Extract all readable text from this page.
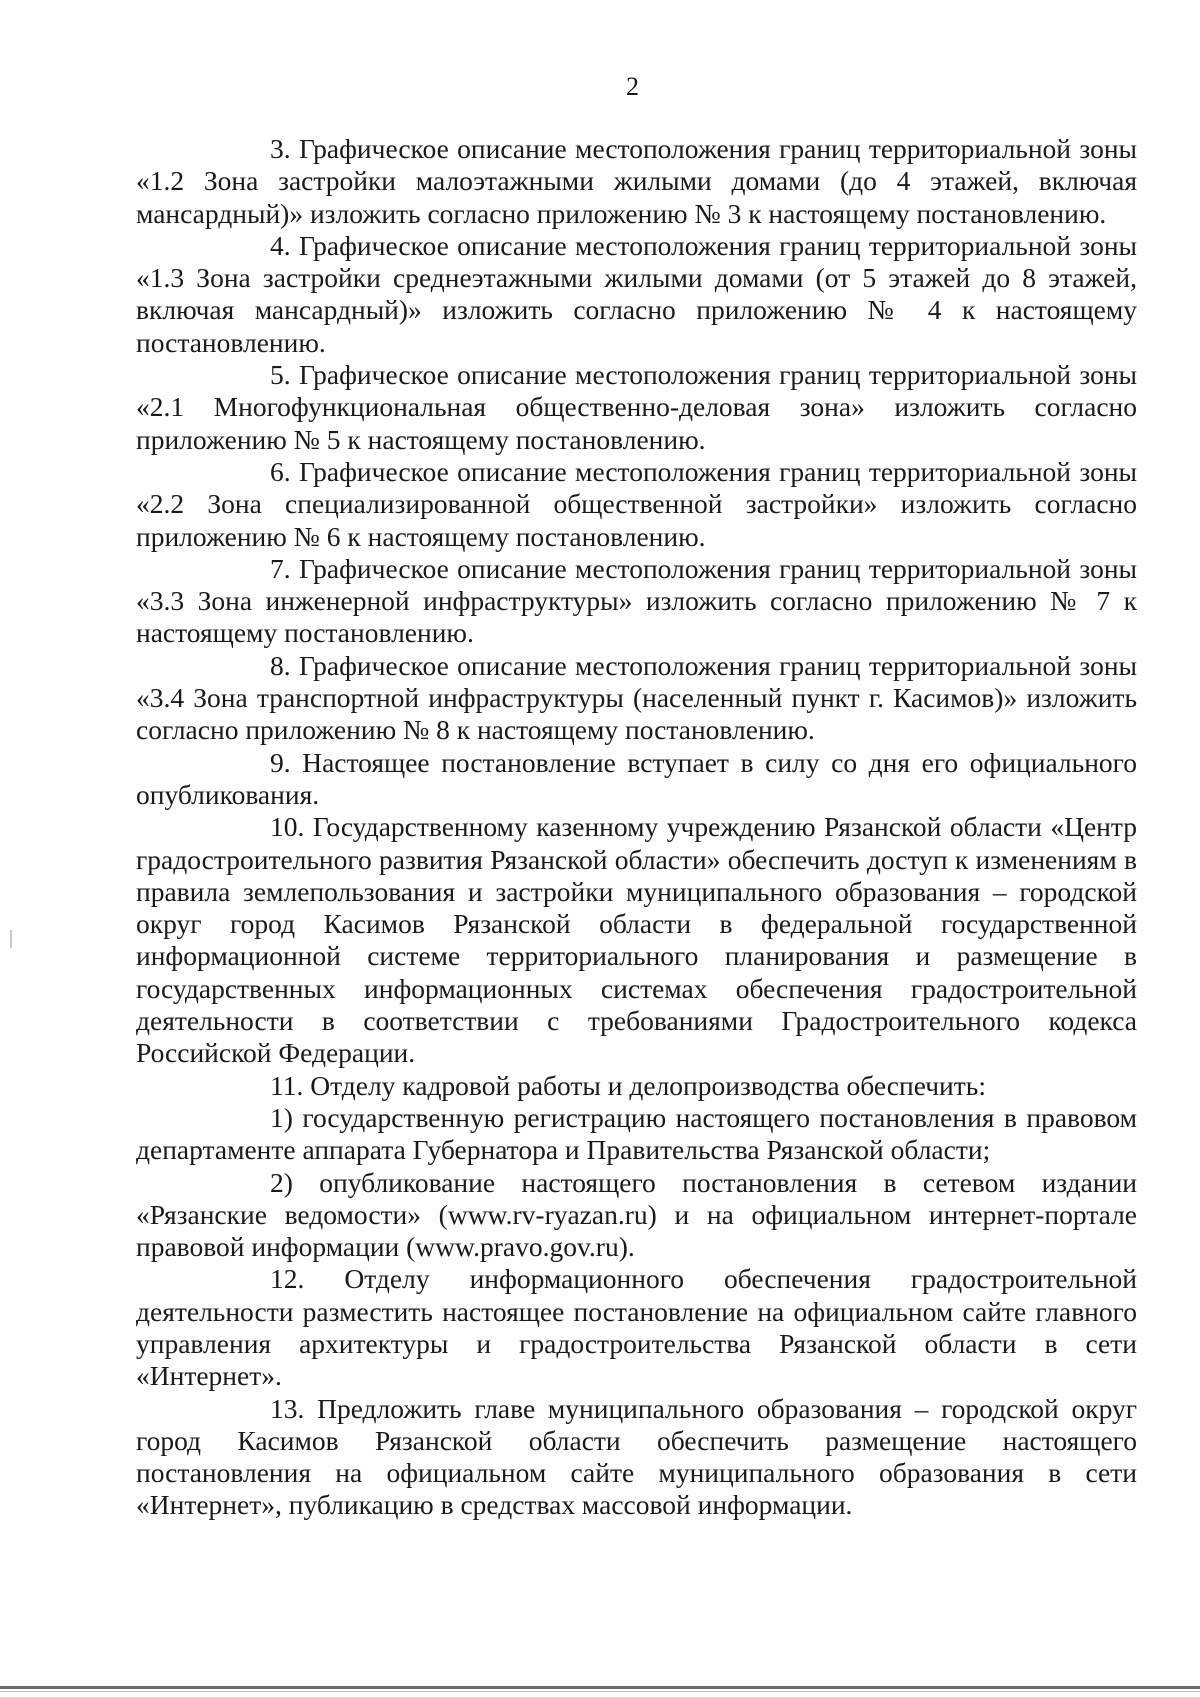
2

3. Графическое описание местоположения границ территориальной зоны «1.2 Зона застройки малоэтажными жилыми домами (до 4 этажей, включая мансардный)» изложить согласно приложению № 3 к настоящему постановлению.

4. Графическое описание местоположения границ территориальной зоны «1.3 Зона застройки среднеэтажными жилыми домами (от 5 этажей до 8 этажей, включая мансардный)» изложить согласно приложению № 4 к настоящему постановлению.

5. Графическое описание местоположения границ территориальной зоны «2.1 Многофункциональная общественно-деловая зона» изложить согласно приложению № 5 к настоящему постановлению.

6. Графическое описание местоположения границ территориальной зоны «2.2 Зона специализированной общественной застройки» изложить согласно приложению № 6 к настоящему постановлению.

7. Графическое описание местоположения границ территориальной зоны «3.3 Зона инженерной инфраструктуры» изложить согласно приложению № 7 к настоящему постановлению.

8. Графическое описание местоположения границ территориальной зоны «3.4 Зона транспортной инфраструктуры (населенный пункт г. Касимов)» изложить согласно приложению № 8 к настоящему постановлению.

9. Настоящее постановление вступает в силу со дня его официального опубликования.

10. Государственному казенному учреждению Рязанской области «Центр градостроительного развития Рязанской области» обеспечить доступ к изменениям в правила землепользования и застройки муниципального образования – городской округ город Касимов Рязанской области в федеральной государственной информационной системе территориального планирования и размещение в государственных информационных системах обеспечения градостроительной деятельности в соответствии с требованиями Градостроительного кодекса Российской Федерации.

11. Отделу кадровой работы и делопроизводства обеспечить:

1) государственную регистрацию настоящего постановления в правовом департаменте аппарата Губернатора и Правительства Рязанской области;

2) опубликование настоящего постановления в сетевом издании «Рязанские ведомости» (www.rv-ryazan.ru) и на официальном интернет-портале правовой информации (www.pravo.gov.ru).

12. Отделу информационного обеспечения градостроительной деятельности разместить настоящее постановление на официальном сайте главного управления архитектуры и градостроительства Рязанской области в сети «Интернет».

13. Предложить главе муниципального образования – городской округ город Касимов Рязанской области обеспечить размещение настоящего постановления на официальном сайте муниципального образования в сети «Интернет», публикацию в средствах массовой информации.
